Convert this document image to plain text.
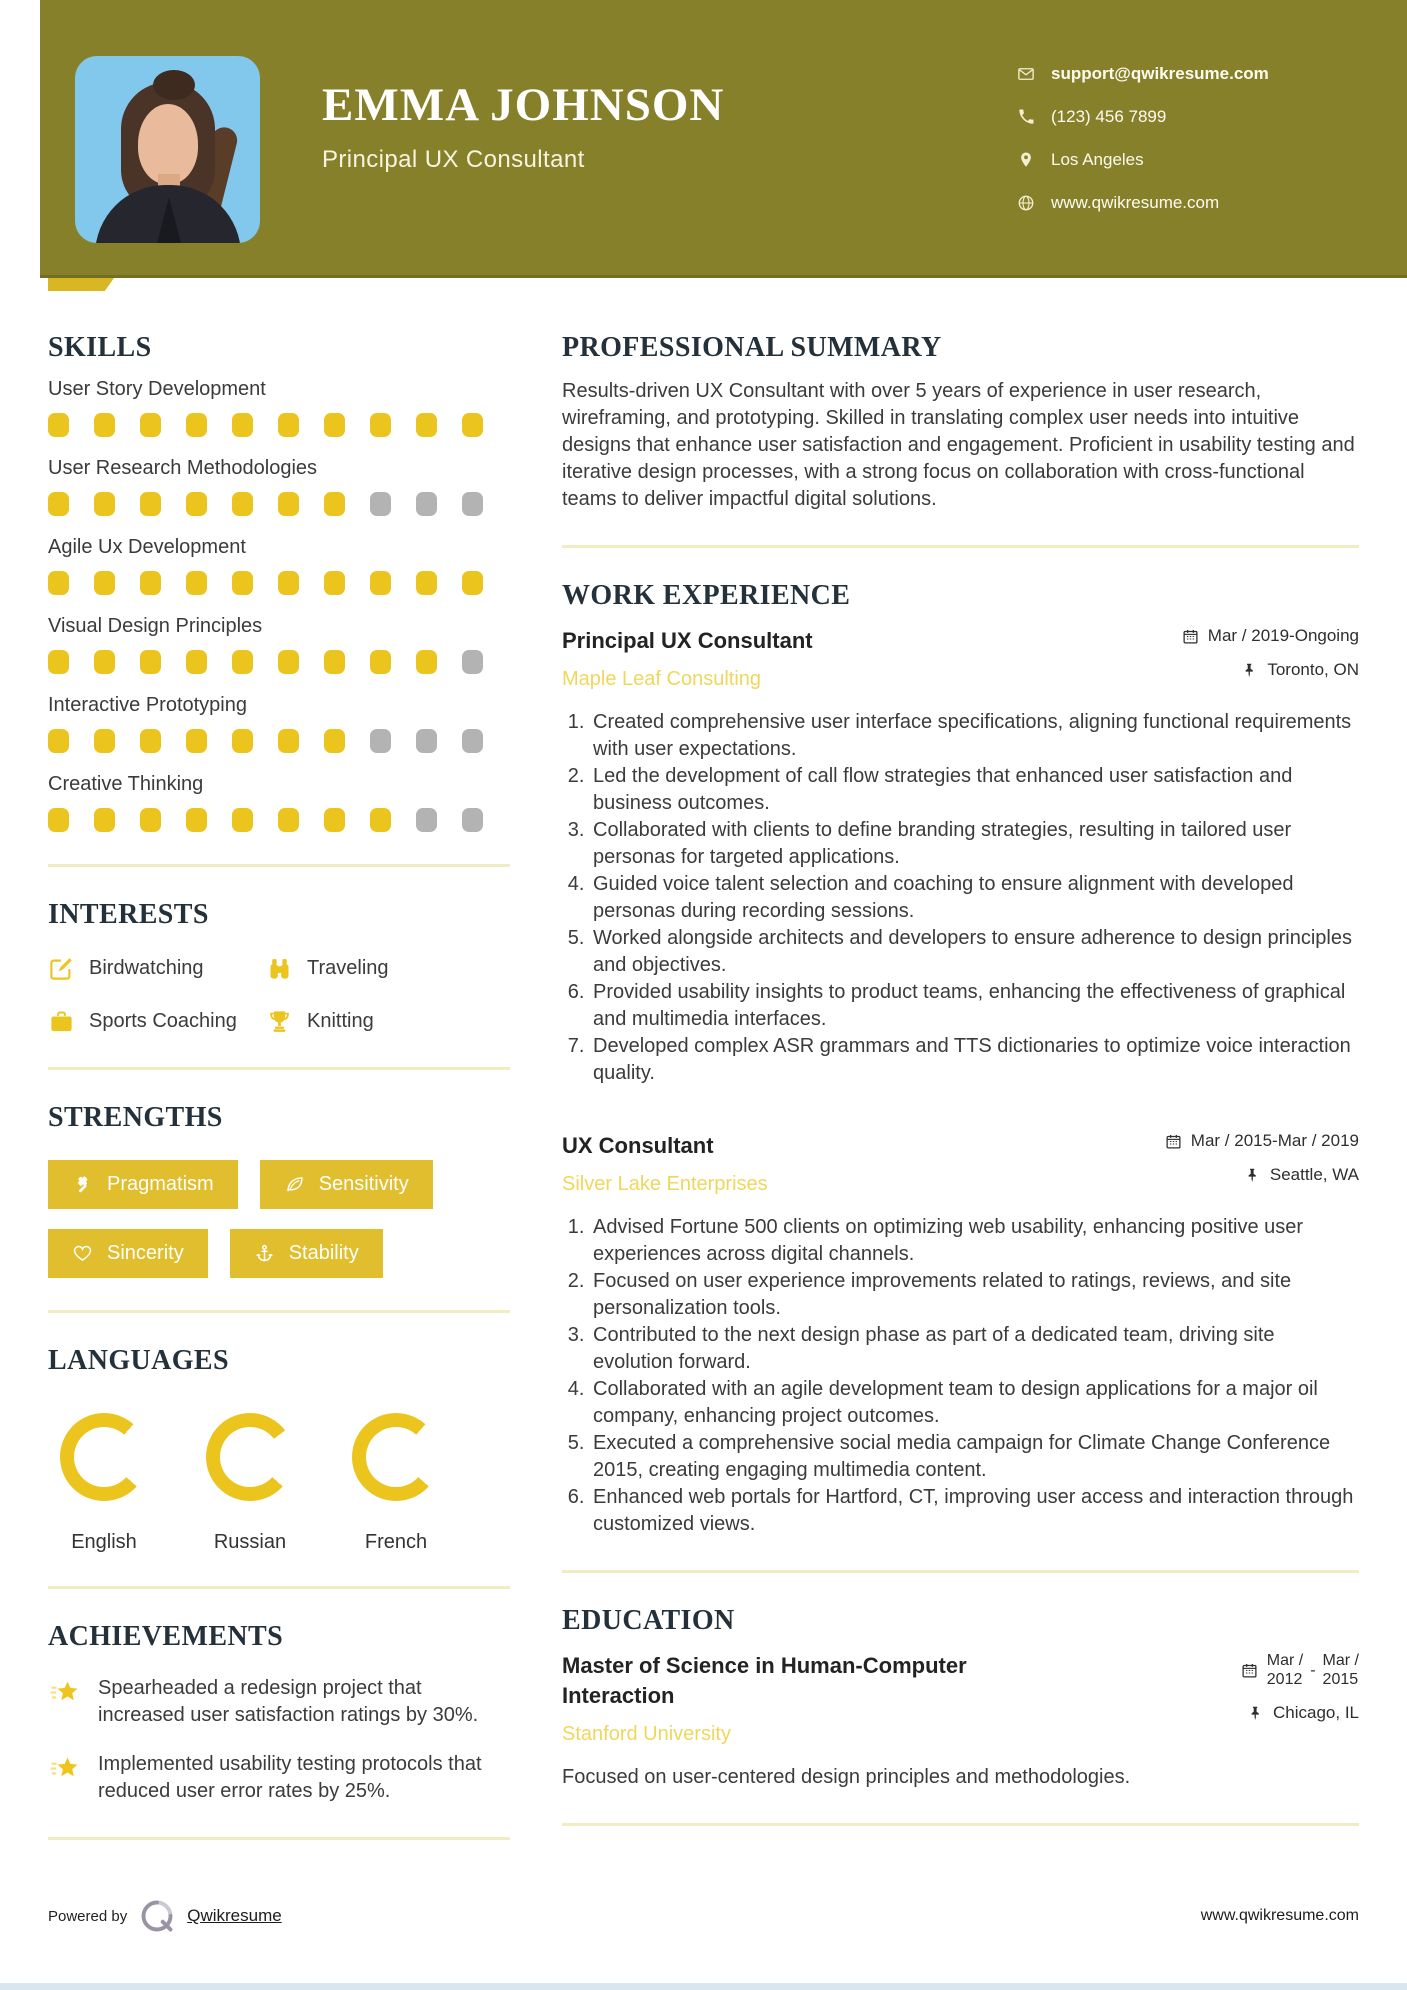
EMMA JOHNSON
Principal UX Consultant
support@qwikresume.com
(123) 456 7899
Los Angeles
www.qwikresume.com
SKILLS
User Story Development
User Research Methodologies
Agile Ux Development
Visual Design Principles
Interactive Prototyping
Creative Thinking
INTERESTS
Birdwatching	Traveling
Sports Coaching	Knitting
STRENGTHS
Pragmatism	Sensitivity
Sincerity	Stability
LANGUAGES
English	Russian	French
ACHIEVEMENTS

Spearheaded a redesign project that increased user satisfaction ratings by 30%.

Implemented usability testing protocols that reduced user error rates by 25%.

PROFESSIONAL SUMMARY

Results-driven UX Consultant with over 5 years of experience in user research, wireframing, and prototyping. Skilled in translating complex user needs into intuitive designs that enhance user satisfaction and engagement. Proficient in usability testing and iterative design processes, with a strong focus on collaboration with cross-functional teams to deliver impactful digital solutions.

WORK EXPERIENCE
Principal UX Consultant
Maple Leaf Consulting
Mar / 2019-Ongoing
Toronto, ON
1. Created comprehensive user interface specifications, aligning functional requirements with user expectations.
2. Led the development of call flow strategies that enhanced user satisfaction and business outcomes.
3. Collaborated with clients to define branding strategies, resulting in tailored user personas for targeted applications.
4. Guided voice talent selection and coaching to ensure alignment with developed personas during recording sessions.
5. Worked alongside architects and developers to ensure adherence to design principles and objectives.
6. Provided usability insights to product teams, enhancing the effectiveness of graphical and multimedia interfaces.
7. Developed complex ASR grammars and TTS dictionaries to optimize voice interaction quality.
UX Consultant
Silver Lake Enterprises
Mar / 2015-Mar / 2019
Seattle, WA
1. Advised Fortune 500 clients on optimizing web usability, enhancing positive user experiences across digital channels.
2. Focused on user experience improvements related to ratings, reviews, and site personalization tools.
3. Contributed to the next design phase as part of a dedicated team, driving site evolution forward.
4. Collaborated with an agile development team to design applications for a major oil company, enhancing project outcomes.
5. Executed a comprehensive social media campaign for Climate Change Conference 2015, creating engaging multimedia content.
6. Enhanced web portals for Hartford, CT, improving user access and interaction through customized views.
EDUCATION
Master of Science in Human-Computer Interaction
Stanford University
Mar /
2012
-
Mar /
2015
Chicago, IL

Focused on user-centered design principles and methodologies.

Powered by	Qwikresume	www.qwikresume.com
